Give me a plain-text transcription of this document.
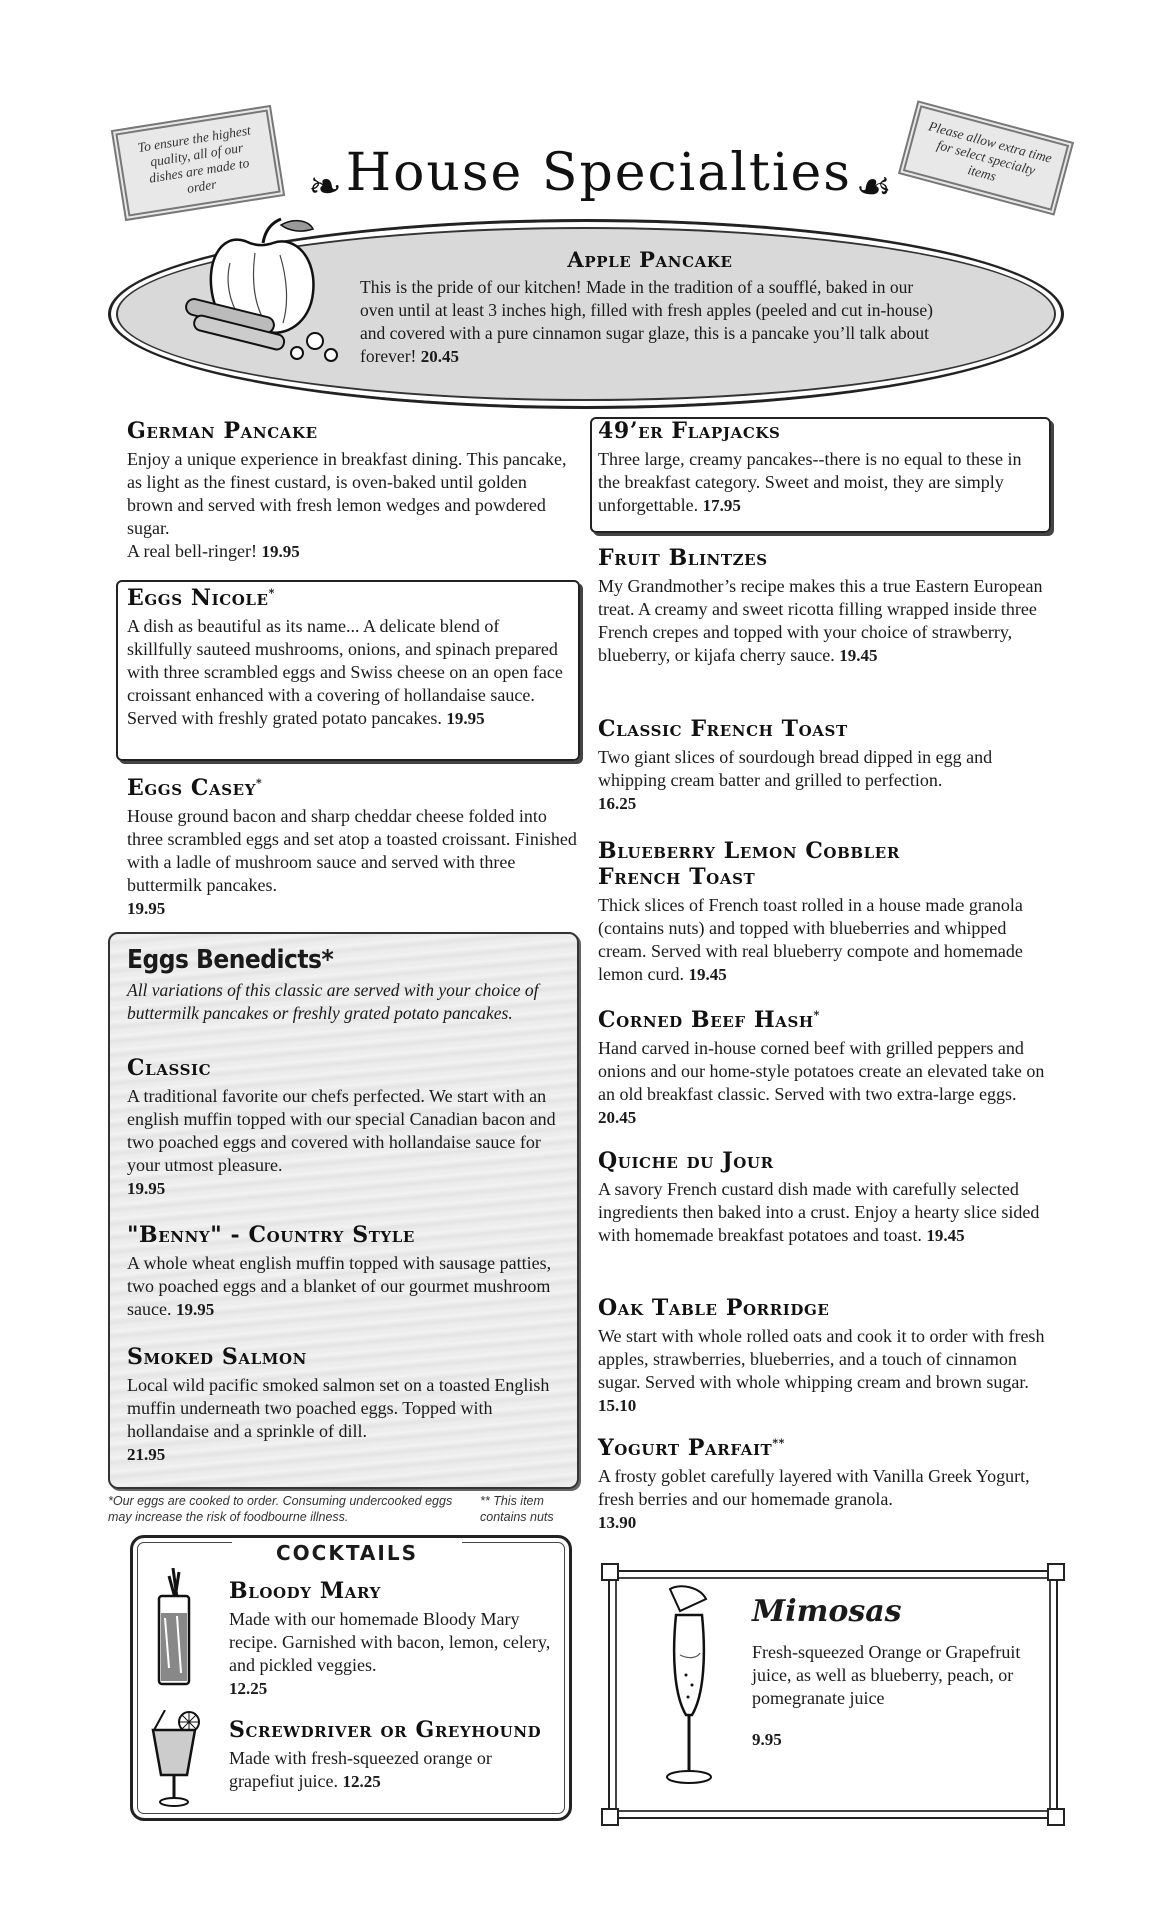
To ensure the highest quality, all of our dishes are made to order	❧ House Specialties ☙
Please allow extra time for select specialty items
Apple Pancake

This is the pride of our kitchen! Made in the tradition of a soufflé, baked in our oven until at least 3 inches high, filled with fresh apples (peeled and cut in-house) and covered with a pure cinnamon sugar glaze, this is a pancake you’ll talk about forever! 20.45

German Pancake

Enjoy a unique experience in breakfast dining. This pancake, as light as the finest custard, is oven-baked until golden brown and served with fresh lemon wedges and powdered sugar.

A real bell-ringer! 19.95

Eggs Nicole*

A dish as beautiful as its name... A delicate blend of skillfully sauteed mushrooms, onions, and spinach prepared with three scrambled eggs and Swiss cheese on an open face croissant enhanced with a covering of hollandaise sauce. Served with freshly grated potato pancakes. 19.95

Eggs Casey*

House ground bacon and sharp cheddar cheese folded into three scrambled eggs and set atop a toasted croissant. Finished with a ladle of mushroom sauce and served with three buttermilk pancakes.

19.95

Eggs Benedicts*

All variations of this classic are served with your choice of buttermilk pancakes or freshly grated potato pancakes.

Classic

A traditional favorite our chefs perfected. We start with an english muffin topped with our special Canadian bacon and two poached eggs and covered with hollandaise sauce for your utmost pleasure.

19.95

"Benny" - Country Style

A whole wheat english muffin topped with sausage patties, two poached eggs and a blanket of our gourmet mushroom sauce. 19.95

Smoked Salmon

Local wild pacific smoked salmon set on a toasted English muffin underneath two poached eggs. Topped with hollandaise and a sprinkle of dill.

21.95

*Our eggs are cooked to order. Consuming undercooked eggs may increase the risk of foodbourne illness.
** This item contains nuts
49’er Flapjacks

Three large, creamy pancakes--there is no equal to these in the breakfast category. Sweet and moist, they are simply unforgettable. 17.95

Fruit Blintzes

My Grandmother’s recipe makes this a true Eastern European treat. A creamy and sweet ricotta filling wrapped inside three French crepes and topped with your choice of strawberry, blueberry, or kijafa cherry sauce. 19.45

Classic French Toast

Two giant slices of sourdough bread dipped in egg and whipping cream batter and grilled to perfection.

16.25

Blueberry Lemon Cobbler
French Toast

Thick slices of French toast rolled in a house made granola (contains nuts) and topped with blueberries and whipped cream. Served with real blueberry compote and homemade lemon curd. 19.45

Corned Beef Hash*

Hand carved in-house corned beef with grilled peppers and onions and our home-style potatoes create an elevated take on an old breakfast classic. Served with two extra-large eggs. 20.45

Quiche du Jour

A savory French custard dish made with carefully selected ingredients then baked into a crust. Enjoy a hearty slice sided with homemade breakfast potatoes and toast. 19.45

Oak Table Porridge

We start with whole rolled oats and cook it to order with fresh apples, strawberries, blueberries, and a touch of cinnamon sugar. Served with whole whipping cream and brown sugar. 15.10

Yogurt Parfait**

A frosty goblet carefully layered with Vanilla Greek Yogurt, fresh berries and our homemade granola.

13.90

COCKTAILS
Bloody Mary

Made with our homemade Bloody Mary recipe. Garnished with bacon, lemon, celery, and pickled veggies.

12.25

Screwdriver or Greyhound

Made with fresh-squeezed orange or grapefiut juice. 12.25

Mimosas

Fresh-squeezed Orange or Grapefruit juice, as well as blueberry, peach, or pomegranate juice

9.95
